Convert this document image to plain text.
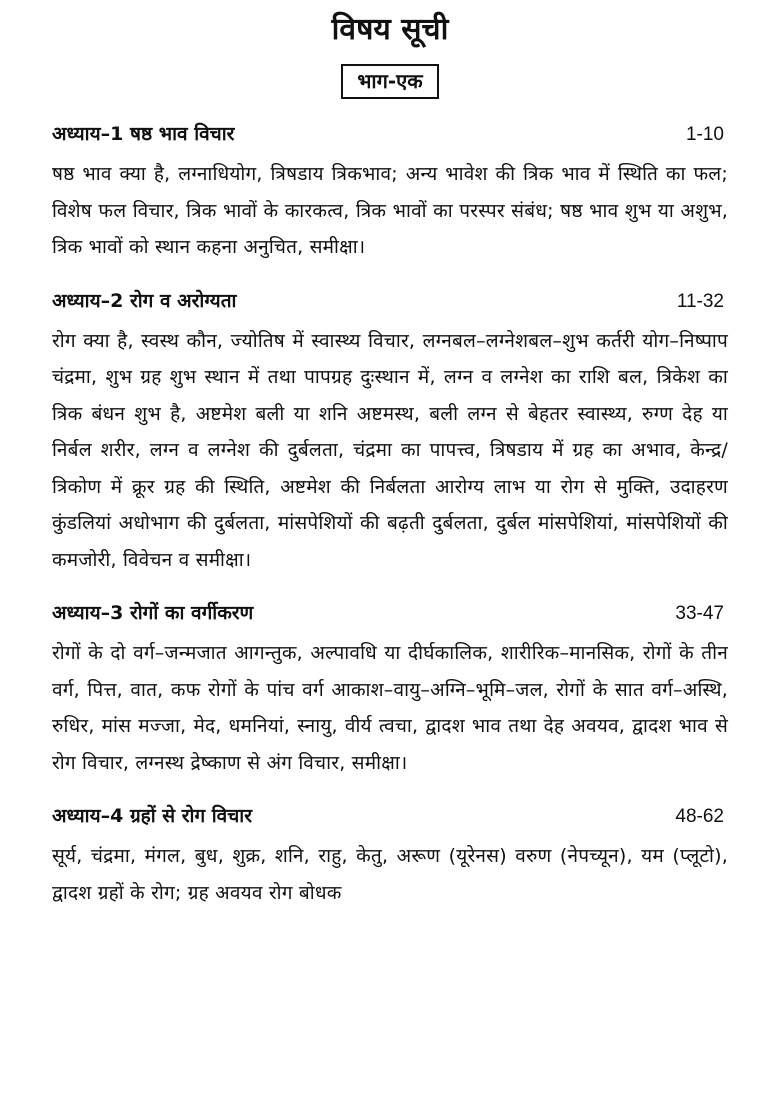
विषय सूची
भाग-एक
अध्याय–1 षष्ठ भाव विचार	1-10
षष्ठ भाव क्या है, लग्नाधियोग, त्रिषडाय त्रिकभाव; अन्य भावेश की त्रिक भाव में स्थिति का फल; विशेष फल विचार, त्रिक भावों के कारकत्व, त्रिक भावों का परस्पर संबंध; षष्ठ भाव शुभ या अशुभ, त्रिक भावों को स्थान कहना अनुचित, समीक्षा।
अध्याय–2 रोग व अरोग्यता	11-32
रोग क्या है, स्वस्थ कौन, ज्योतिष में स्वास्थ्य विचार, लग्नबल–लग्नेशबल–शुभ कर्तरी योग–निष्पाप चंद्रमा, शुभ ग्रह शुभ स्थान में तथा पापग्रह दुःस्थान में, लग्न व लग्नेश का राशि बल, त्रिकेश का त्रिक बंधन शुभ है, अष्टमेश बली या शनि अष्टमस्थ, बली लग्न से बेहतर स्वास्थ्य, रुग्ण देह या निर्बल शरीर, लग्न व लग्नेश की दुर्बलता, चंद्रमा का पापत्त्व, त्रिषडाय में ग्रह का अभाव, केन्द्र/त्रिकोण में क्रूर ग्रह की स्थिति, अष्टमेश की निर्बलता आरोग्य लाभ या रोग से मुक्ति, उदाहरण कुंडलियां अधोभाग की दुर्बलता, मांसपेशियों की बढ़ती दुर्बलता, दुर्बल मांसपेशियां, मांसपेशियों की कमजोरी, विवेचन व समीक्षा।
अध्याय–3 रोगों का वर्गीकरण	33-47
रोगों के दो वर्ग–जन्मजात आगन्तुक, अल्पावधि या दीर्घकालिक, शारीरिक–मानसिक, रोगों के तीन वर्ग, पित्त, वात, कफ रोगों के पांच वर्ग आकाश–वायु–अग्नि–भूमि–जल, रोगों के सात वर्ग–अस्थि, रुधिर, मांस मज्जा, मेद, धमनियां, स्नायु, वीर्य त्वचा, द्वादश भाव तथा देह अवयव, द्वादश भाव से रोग विचार, लग्नस्थ द्रेष्काण से अंग विचार, समीक्षा।
अध्याय–4 ग्रहों से रोग विचार	48-62
सूर्य, चंद्रमा, मंगल, बुध, शुक्र, शनि, राहु, केतु, अरूण (यूरेनस) वरुण (नेपच्यून), यम (प्लूटो), द्वादश ग्रहों के रोग; ग्रह अवयव रोग बोधक
